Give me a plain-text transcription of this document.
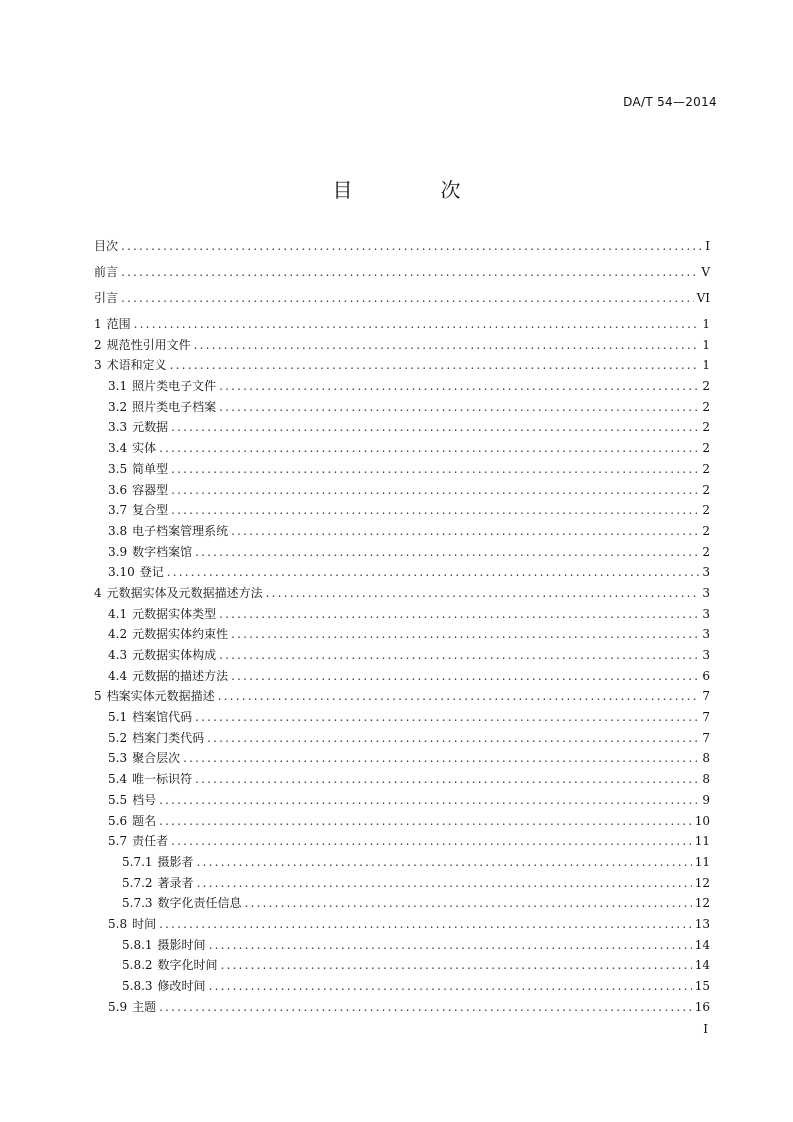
DA/T 54—2014
目	次
目次 .....	I
前言 .....	V
引言 .....	VI
1 范围 .....	1
2 规范性引用文件 .....	1
3 术语和定义 .....	1
3.1 照片类电子文件 .....	2
3.2 照片类电子档案 .....	2
3.3 元数据 .....	2
3.4 实体 .....	2
3.5 简单型 .....	2
3.6 容器型 .....	2
3.7 复合型 .....	2
3.8 电子档案管理系统 .....	2
3.9 数字档案馆 .....	2
3.10 登记 .....	3
4 元数据实体及元数据描述方法 .....	3
4.1 元数据实体类型 .....	3
4.2 元数据实体约束性 .....	3
4.3 元数据实体构成 .....	3
4.4 元数据的描述方法 .....	6
5 档案实体元数据描述 .....	7
5.1 档案馆代码 .....	7
5.2 档案门类代码 .....	7
5.3 聚合层次 .....	8
5.4 唯一标识符 .....	8
5.5 档号 .....	9
5.6 题名 .....	10
5.7 责任者 .....	11
5.7.1 摄影者 .....	11
5.7.2 著录者 .....	12
5.7.3 数字化责任信息 .....	12
5.8 时间 .....	13
5.8.1 摄影时间 .....	14
5.8.2 数字化时间 .....	14
5.8.3 修改时间 .....	15
5.9 主题 .....	16
I
